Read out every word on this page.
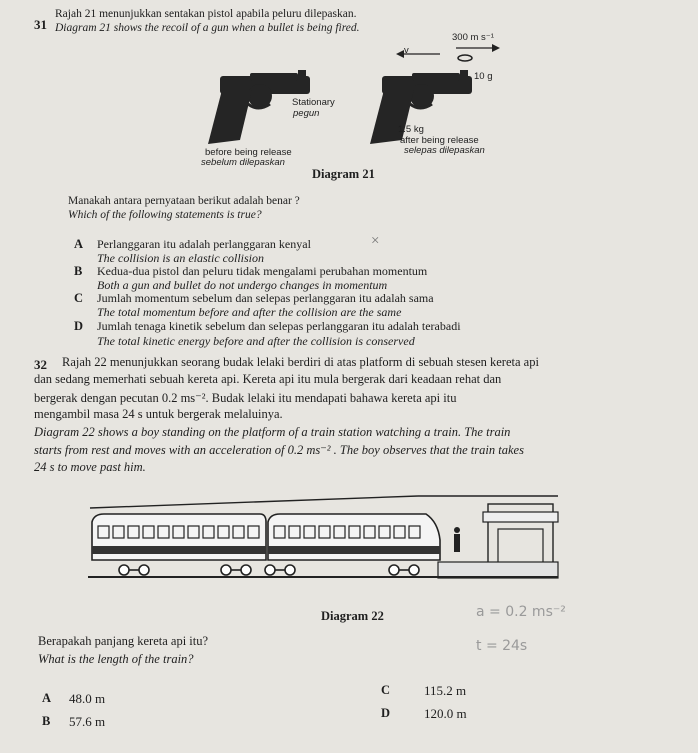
31
Rajah 21 menunjukkan sentakan pistol apabila peluru dilepaskan.
Diagram 21 shows the recoil of a gun when a bullet is being fired.
v
300 m s⁻¹
10 g
Stationary
pegun
1.5 kg
after being release
selepas dilepaskan
before being release
sebelum dilepaskan
Diagram 21
Manakah antara pernyataan berikut adalah benar ?
Which of the following statements is true?
A Perlanggaran itu adalah perlanggaran kenyal	×
The collision is an elastic collision
B Kedua-dua pistol dan peluru tidak mengalami perubahan momentum
Both a gun and bullet do not undergo changes in momentum
C Jumlah momentum sebelum dan selepas perlanggaran itu adalah sama
The total momentum before and after the collision are the same
D Jumlah tenaga kinetik sebelum dan selepas perlanggaran itu adalah terabadi
The total kinetic energy before and after the collision is conserved
32 Rajah 22 menunjukkan seorang budak lelaki berdiri di atas platform di sebuah stesen kereta api
dan sedang memerhati sebuah kereta api. Kereta api itu mula bergerak dari keadaan rehat dan
bergerak dengan pecutan 0.2 ms⁻². Budak lelaki itu mendapati bahawa kereta api itu
mengambil masa 24 s untuk bergerak melaluinya.
Diagram 22 shows a boy standing on the platform of a train station watching a train. The train
starts from rest and moves with an acceleration of 0.2 ms⁻² . The boy observes that the train takes
24 s to move past him.
Diagram 22	a = 0.2 ms⁻²
t = 24s
Berapakah panjang kereta api itu?
What is the length of the train?
A 48.0 m
B 57.6 m
C	115.2 m
D	120.0 m
